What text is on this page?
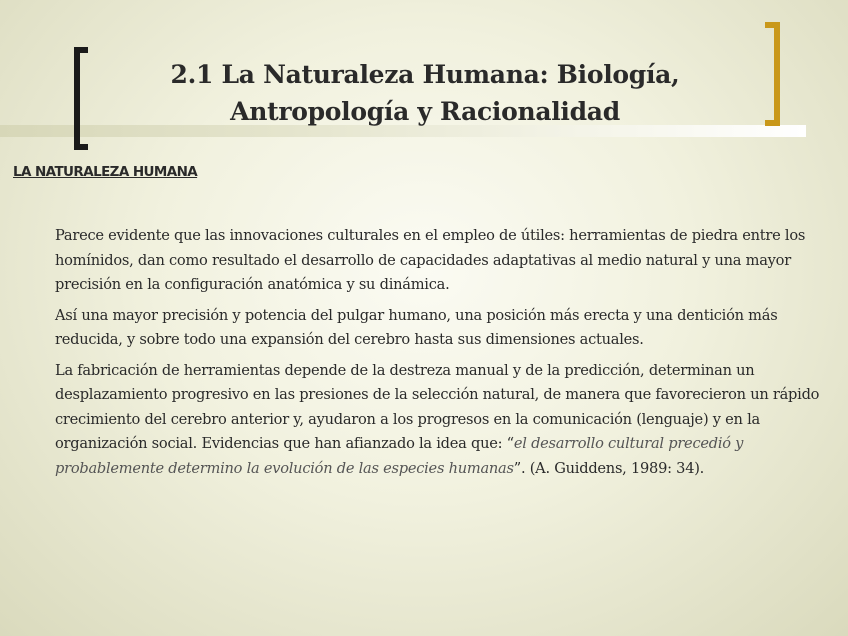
2.1 La Naturaleza Humana: Biología,
Antropología y Racionalidad
LA NATURALEZA HUMANA

Parece evidente que las innovaciones culturales en el empleo de útiles: herramientas de piedra entre los homínidos, dan como resultado el desarrollo de capacidades adaptativas al medio natural y una mayor precisión en la configuración anatómica y su dinámica.

Así una mayor precisión y potencia del pulgar humano, una posición más erecta y una dentición más reducida, y sobre todo una expansión del cerebro hasta sus dimensiones actuales.

La fabricación de herramientas depende de la destreza manual y de la predicción, determinan un desplazamiento progresivo en las presiones de la selección natural, de manera que favorecieron un rápido crecimiento del cerebro anterior y, ayudaron a los progresos en la comunicación (lenguaje) y en la organización social. Evidencias que han afianzado la idea que: “el desarrollo cultural precedió y probablemente determino la evolución de las especies humanas”. (A. Guiddens, 1989: 34).
